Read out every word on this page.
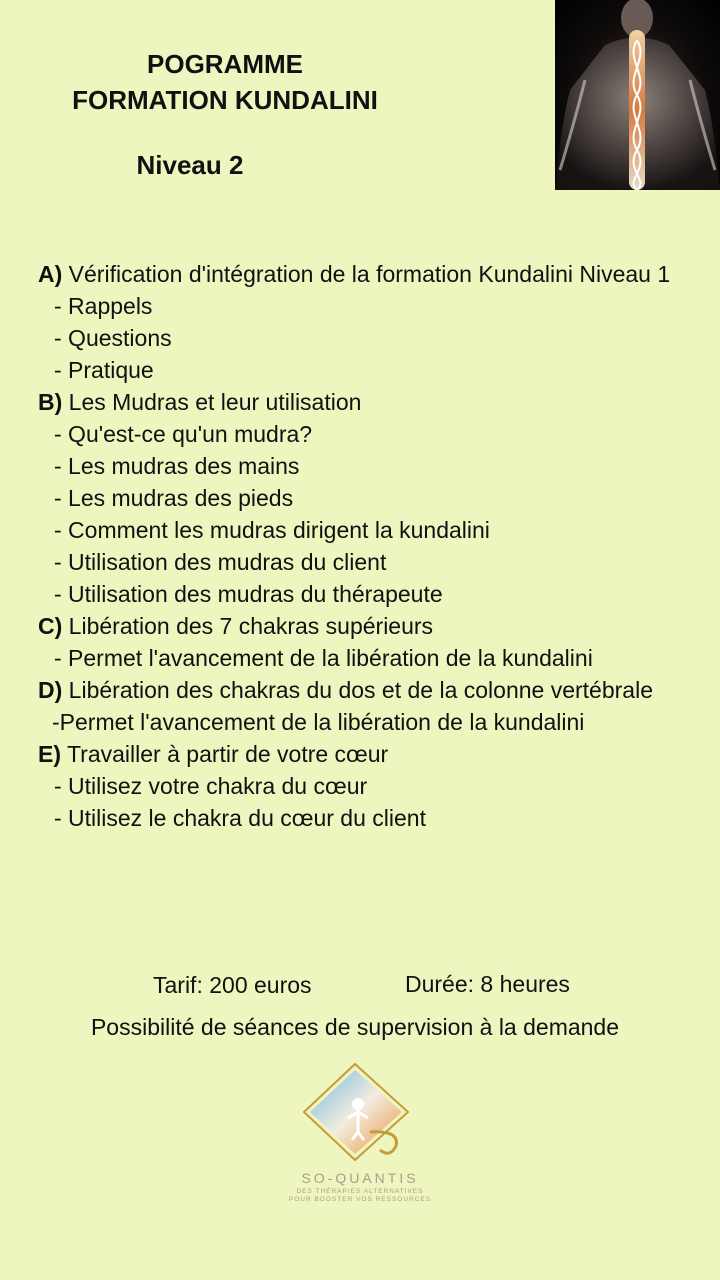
POGRAMME
FORMATION KUNDALINI
Niveau 2

A) Vérification d'intégration de la formation Kundalini Niveau 1

- Rappels

- Questions

- Pratique

B) Les Mudras et leur utilisation

- Qu'est-ce qu'un mudra?

- Les mudras des mains

- Les mudras des pieds

- Comment les mudras dirigent la kundalini

- Utilisation des mudras du client

- Utilisation des mudras du thérapeute

C) Libération des 7 chakras supérieurs

- Permet l'avancement de la libération de la kundalini

D) Libération des chakras du dos et de la colonne vertébrale

-Permet l'avancement de la libération de la kundalini

E) Travailler à partir de votre cœur

- Utilisez votre chakra du cœur

- Utilisez le chakra du cœur du client

Tarif: 200 euros	Durée: 8 heures
Possibilité de séances de supervision à la demande
SO-QUANTIS
DES THÉRAPIES ALTERNATIVES
POUR BOOSTER VOS RESSOURCES
